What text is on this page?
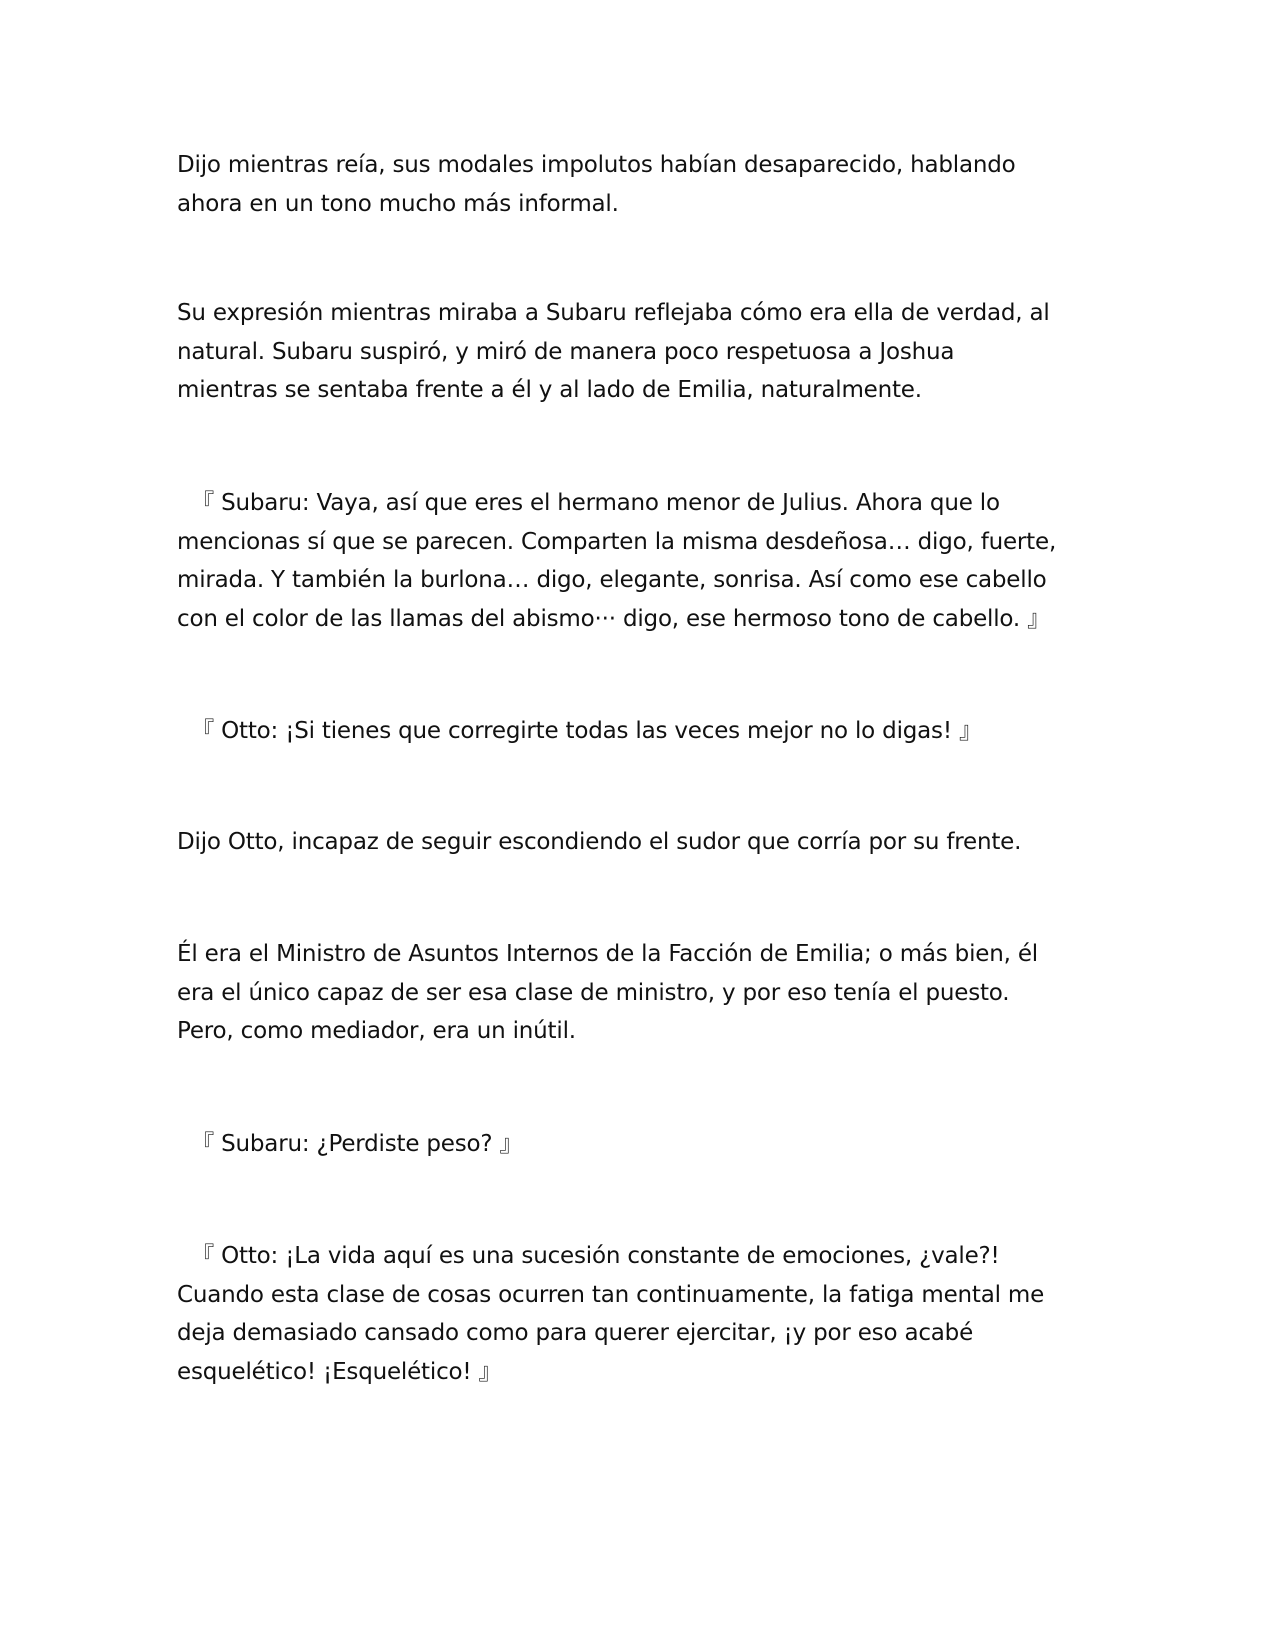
Dijo mientras reía, sus modales impolutos habían desaparecido, hablando
ahora en un tono mucho más informal.

Su expresión mientras miraba a Subaru reflejaba cómo era ella de verdad, al
natural. Subaru suspiró, y miró de manera poco respetuosa a Joshua
mientras se sentaba frente a él y al lado de Emilia, naturalmente.

『 Subaru: Vaya, así que eres el hermano menor de Julius. Ahora que lo
mencionas sí que se parecen. Comparten la misma desdeñosa… digo, fuerte,
mirada. Y también la burlona… digo, elegante, sonrisa. Así como ese cabello
con el color de las llamas del abismo··· digo, ese hermoso tono de cabello. 』

『 Otto: ¡Si tienes que corregirte todas las veces mejor no lo digas! 』

Dijo Otto, incapaz de seguir escondiendo el sudor que corría por su frente.

Él era el Ministro de Asuntos Internos de la Facción de Emilia; o más bien, él
era el único capaz de ser esa clase de ministro, y por eso tenía el puesto.
Pero, como mediador, era un inútil.

『 Subaru: ¿Perdiste peso? 』

『 Otto: ¡La vida aquí es una sucesión constante de emociones, ¿vale?!
Cuando esta clase de cosas ocurren tan continuamente, la fatiga mental me
deja demasiado cansado como para querer ejercitar, ¡y por eso acabé
esquelético! ¡Esquelético! 』
